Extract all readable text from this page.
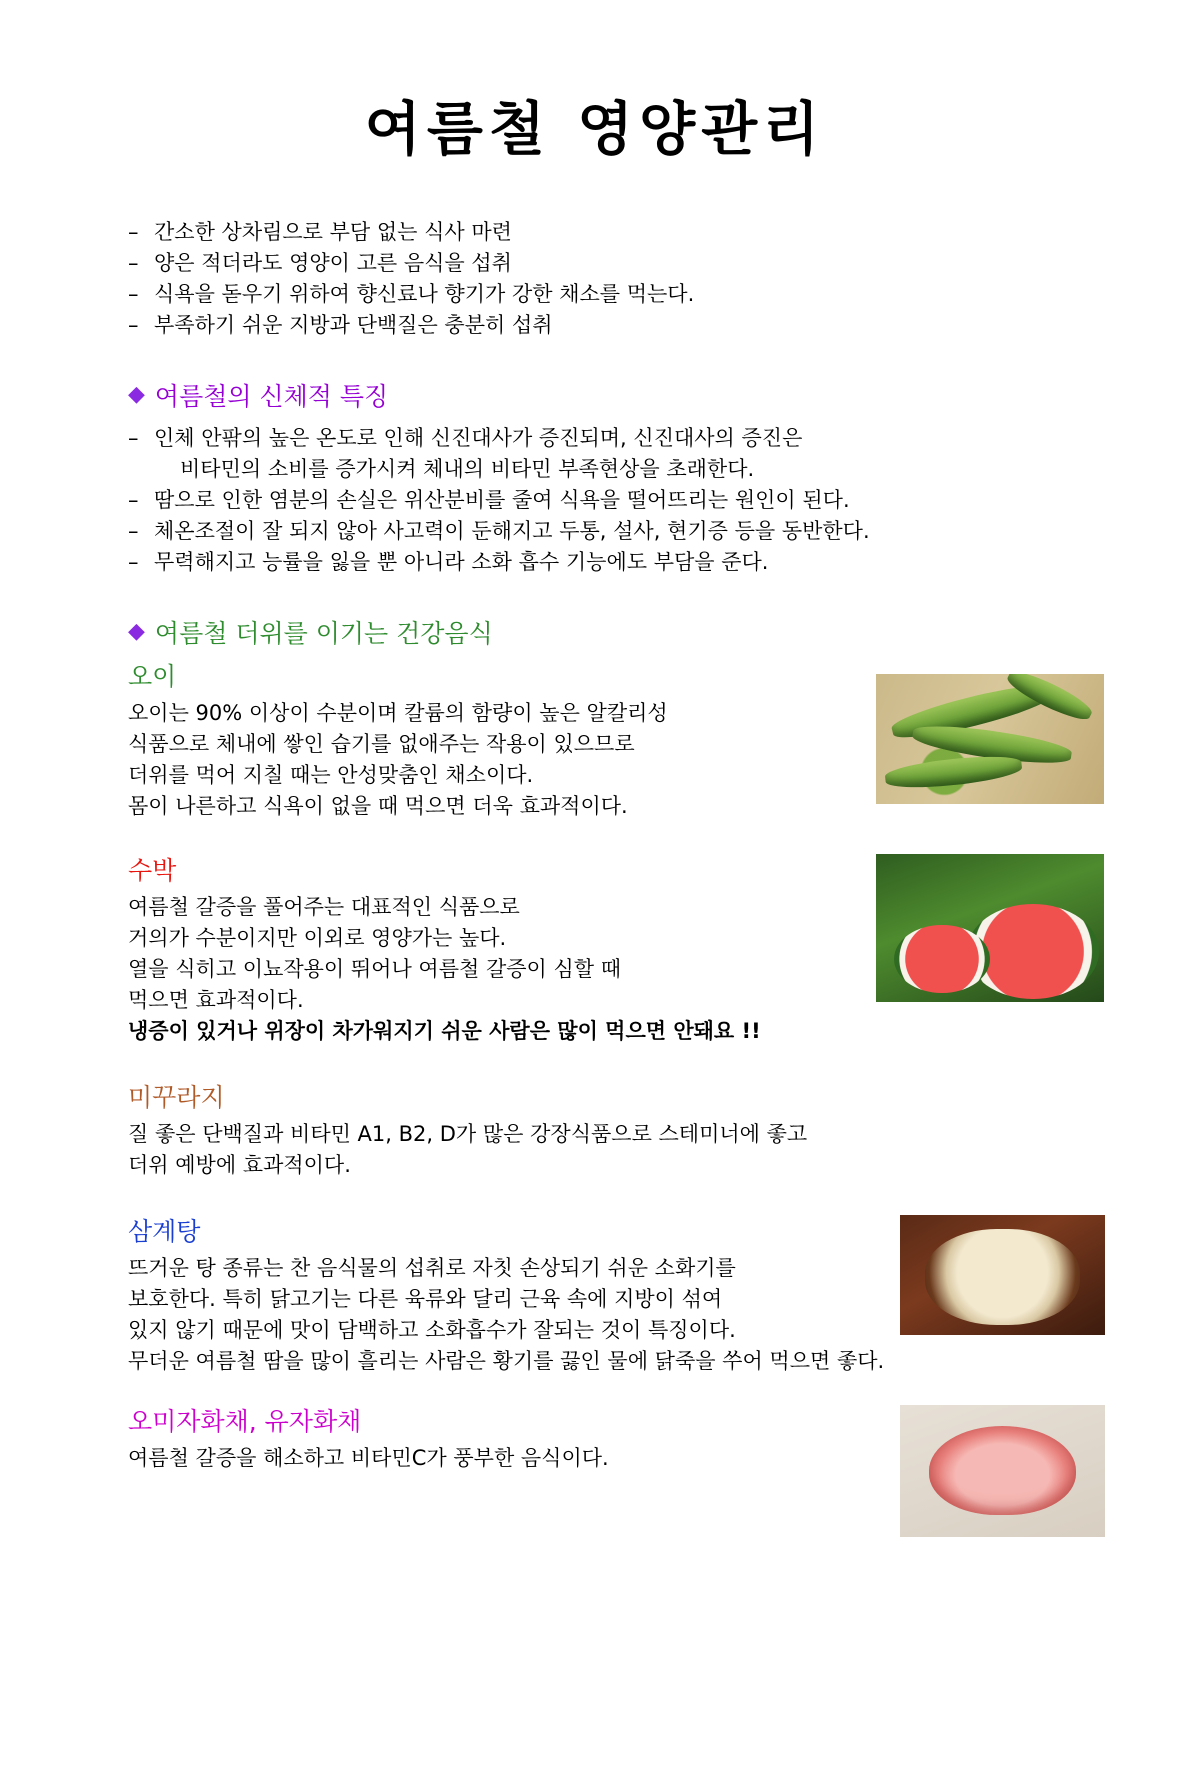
여름철 영양관리
– 간소한 상차림으로 부담 없는 식사 마련
– 양은 적더라도 영양이 고른 음식을 섭취
– 식욕을 돋우기 위하여 향신료나 향기가 강한 채소를 먹는다.
– 부족하기 쉬운 지방과 단백질은 충분히 섭취
◆ 여름철의 신체적 특징
– 인체 안팎의 높은 온도로 인해 신진대사가 증진되며, 신진대사의 증진은
비타민의 소비를 증가시켜 체내의 비타민 부족현상을 초래한다.
– 땀으로 인한 염분의 손실은 위산분비를 줄여 식욕을 떨어뜨리는 원인이 된다.
– 체온조절이 잘 되지 않아 사고력이 둔해지고 두통, 설사, 현기증 등을 동반한다.
– 무력해지고 능률을 잃을 뿐 아니라 소화 흡수 기능에도 부담을 준다.
◆ 여름철 더위를 이기는 건강음식
오이
오이는 90% 이상이 수분이며 칼륨의 함량이 높은 알칼리성
식품으로 체내에 쌓인 습기를 없애주는 작용이 있으므로
더위를 먹어 지칠 때는 안성맞춤인 채소이다.
몸이 나른하고 식욕이 없을 때 먹으면 더욱 효과적이다.
수박
여름철 갈증을 풀어주는 대표적인 식품으로
거의가 수분이지만 이외로 영양가는 높다.
열을 식히고 이뇨작용이 뛰어나 여름철 갈증이 심할 때
먹으면 효과적이다.
냉증이 있거나 위장이 차가워지기 쉬운 사람은 많이 먹으면 안돼요 !!
미꾸라지
질 좋은 단백질과 비타민 A1, B2, D가 많은 강장식품으로 스테미너에 좋고
더위 예방에 효과적이다.
삼계탕
뜨거운 탕 종류는 찬 음식물의 섭취로 자칫 손상되기 쉬운 소화기를
보호한다. 특히 닭고기는 다른 육류와 달리 근육 속에 지방이 섞여
있지 않기 때문에 맛이 담백하고 소화흡수가 잘되는 것이 특징이다.
무더운 여름철 땀을 많이 흘리는 사람은 황기를 끓인 물에 닭죽을 쑤어 먹으면 좋다.
오미자화채, 유자화채
여름철 갈증을 해소하고 비타민C가 풍부한 음식이다.
